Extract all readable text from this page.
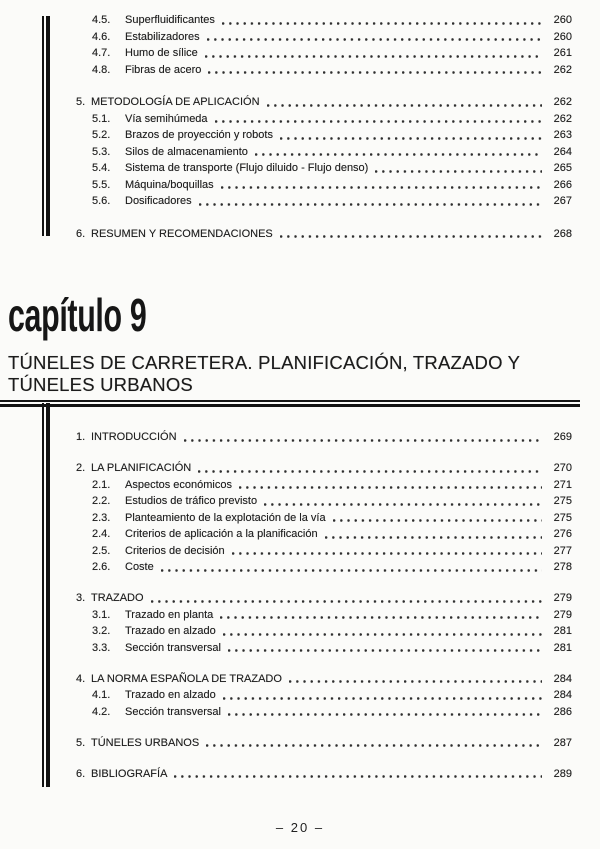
4.5.	Superfluidificantes	260
4.6.	Estabilizadores	260
4.7.	Humo de sílice	261
4.8.	Fibras de acero	262
5. METODOLOGÍA DE APLICACIÓN	262
5.1.	Vía semihúmeda	262
5.2.	Brazos de proyección y robots	263
5.3.	Silos de almacenamiento	264
5.4.	Sistema de transporte (Flujo diluido - Flujo denso)	265
5.5.	Máquina/boquillas	266
5.6.	Dosificadores	267
6. RESUMEN Y RECOMENDACIONES	268
capítulo 9
TÚNELES DE CARRETERA. PLANIFICACIÓN, TRAZADO Y
TÚNELES URBANOS
1. INTRODUCCIÓN	269
2. LA PLANIFICACIÓN	270
2.1.	Aspectos económicos	271
2.2.	Estudios de tráfico previsto	275
2.3.	Planteamiento de la explotación de la vía	275
2.4.	Criterios de aplicación a la planificación	276
2.5.	Criterios de decisión	277
2.6.	Coste	278
3. TRAZADO	279
3.1.	Trazado en planta	279
3.2.	Trazado en alzado	281
3.3.	Sección transversal	281
4. LA NORMA ESPAÑOLA DE TRAZADO	284
4.1.	Trazado en alzado	284
4.2.	Sección transversal	286
5. TÚNELES URBANOS	287
6. BIBLIOGRAFÍA	289
– 20 –
